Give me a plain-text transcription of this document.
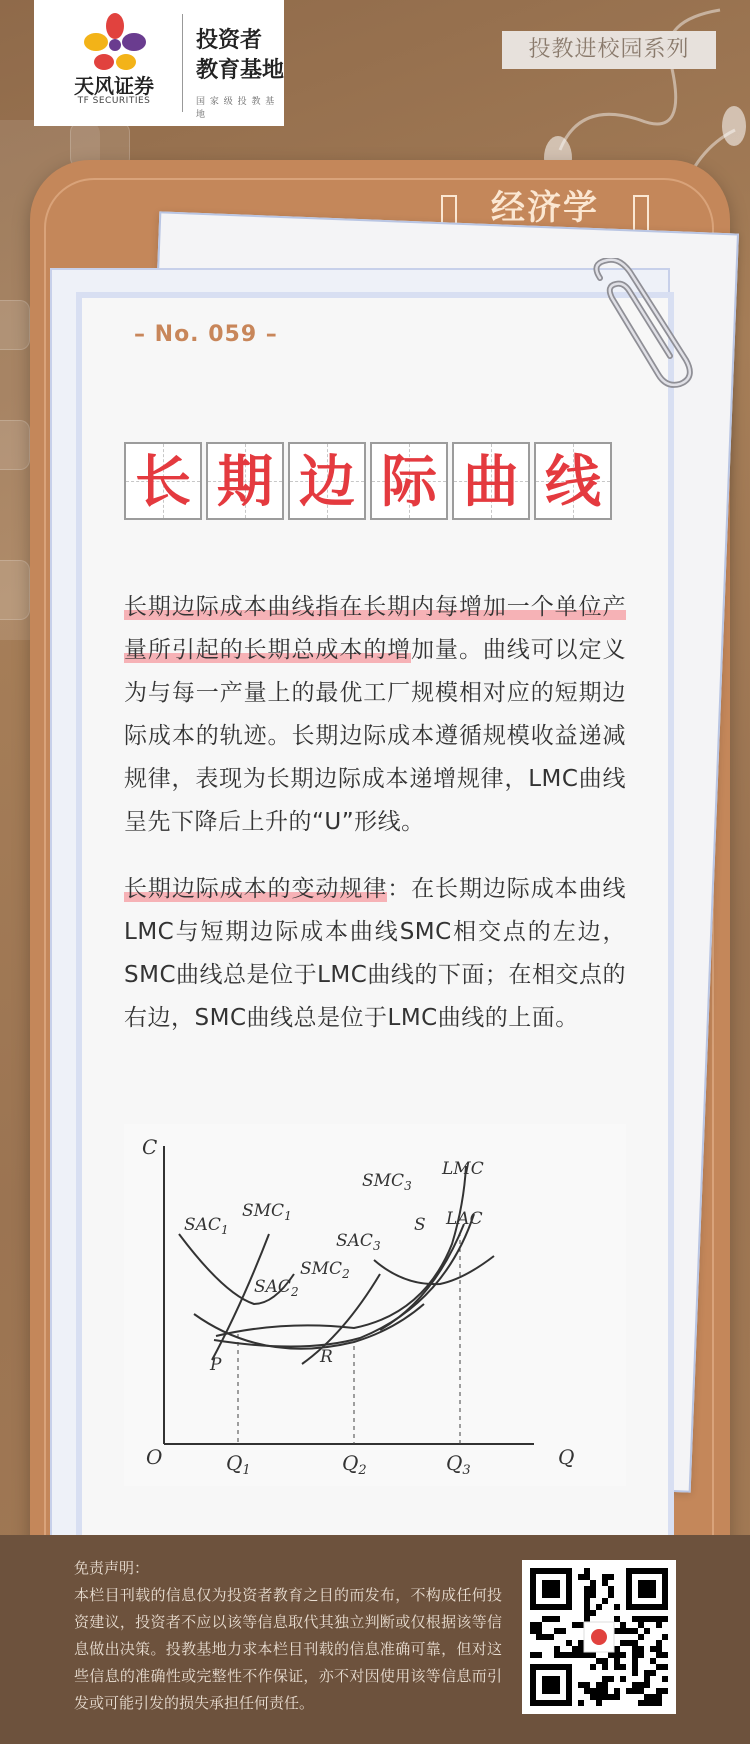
天风证券
TF SECURITIES
投资者
教育基地
国 家 级 投 教 基 地
投教进校园系列
经济学
– No. 059 –
长 期 边 际 曲 线
长期边际成本曲线指在长期内每增加一个单位产量所引起的长期总成本的增加量。曲线可以定义为与每一产量上的最优工厂规模相对应的短期边际成本的轨迹。长期边际成本遵循规模收益递减规律，表现为长期边际成本递增规律，LMC曲线呈先下降后上升的“U”形线。
长期边际成本的变动规律：在长期边际成本曲线LMC与短期边际成本曲线SMC相交点的左边，SMC曲线总是位于LMC曲线的下面；在相交点的右边，SMC曲线总是位于LMC曲线的上面。
C
O	Q
$Q_1$	$Q_2$	$Q_3$
$SAC_1$
$SMC_1$
$SAC_2$
$SMC_2$
$SAC_3$
$SMC_3$
LMC
LAC
P	R
S
免责声明：
本栏目刊载的信息仅为投资者教育之目的而发布，不构成任何投资建议，投资者不应以该等信息取代其独立判断或仅根据该等信息做出决策。投教基地力求本栏目刊载的信息准确可靠，但对这些信息的准确性或完整性不作保证，亦不对因使用该等信息而引发或可能引发的损失承担任何责任。
